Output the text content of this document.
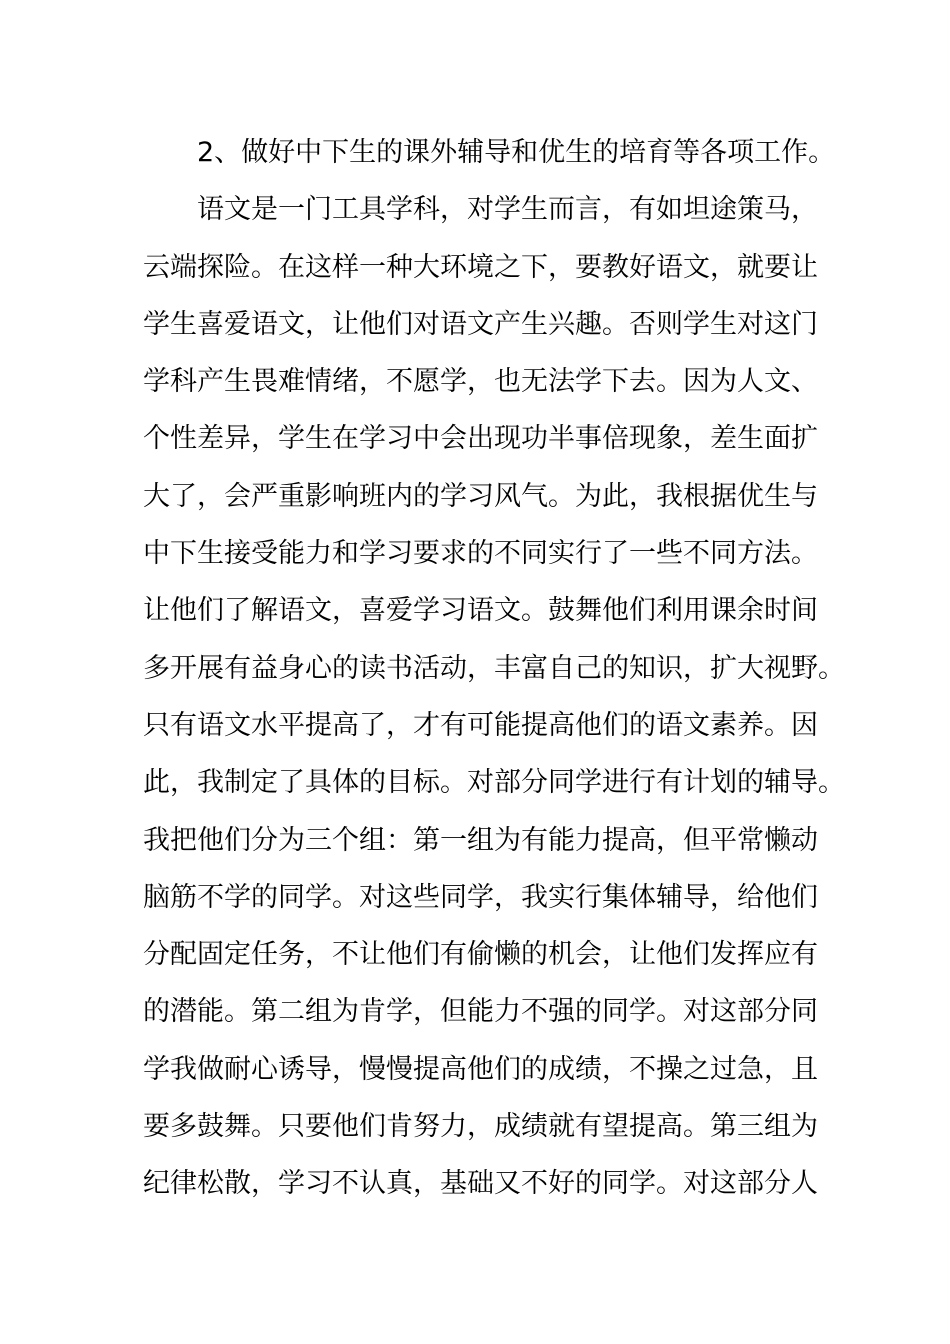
2、做好中下生的课外辅导和优生的培育等各项工作。
语文是一门工具学科，对学生而言，有如坦途策马，
云端探险。在这样一种大环境之下，要教好语文，就要让
学生喜爱语文，让他们对语文产生兴趣。否则学生对这门
学科产生畏难情绪，不愿学，也无法学下去。因为人文、
个性差异，学生在学习中会出现功半事倍现象，差生面扩
大了，会严重影响班内的学习风气。为此，我根据优生与
中下生接受能力和学习要求的不同实行了一些不同方法。
让他们了解语文，喜爱学习语文。鼓舞他们利用课余时间
多开展有益身心的读书活动，丰富自己的知识，扩大视野。
只有语文水平提高了，才有可能提高他们的语文素养。因
此，我制定了具体的目标。对部分同学进行有计划的辅导。
我把他们分为三个组：第一组为有能力提高，但平常懒动
脑筋不学的同学。对这些同学，我实行集体辅导，给他们
分配固定任务，不让他们有偷懒的机会，让他们发挥应有
的潜能。第二组为肯学，但能力不强的同学。对这部分同
学我做耐心诱导，慢慢提高他们的成绩，不操之过急，且
要多鼓舞。只要他们肯努力，成绩就有望提高。第三组为
纪律松散，学习不认真，基础又不好的同学。对这部分人
